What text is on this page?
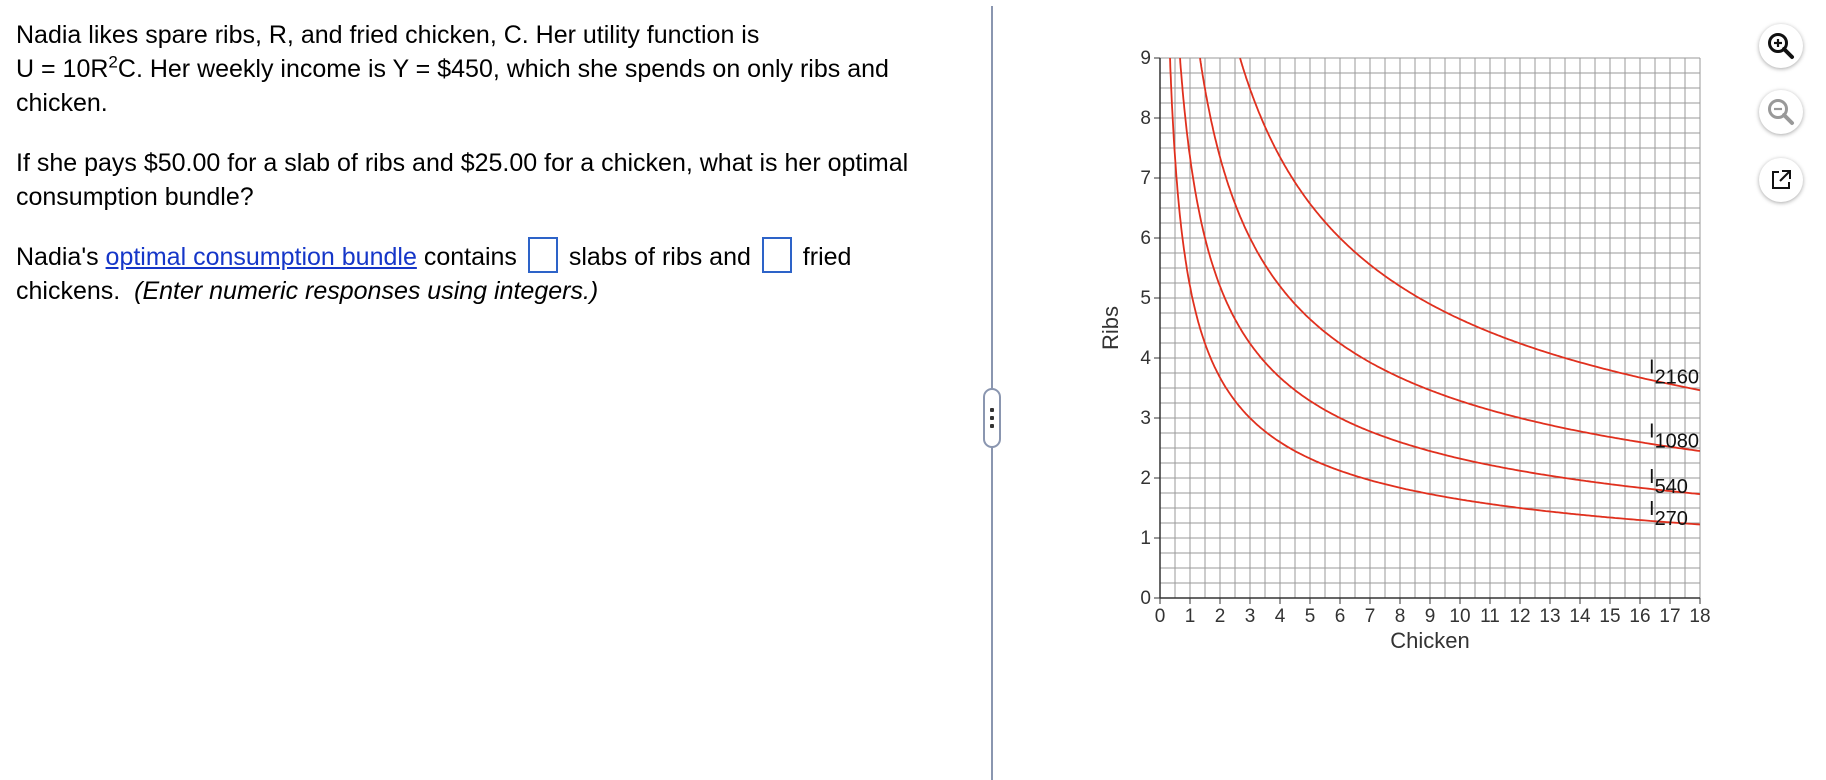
Nadia likes spare ribs, R, and fried chicken, C. Her utility function is
$U = 10R^2C$. Her weekly income is Y = $450, which she spends on only ribs and chicken.

If she pays $50.00 for a slab of ribs and $25.00 for a chicken, what is her optimal consumption bundle?

Nadia's optimal consumption bundle contains slabs of ribs and fried chickens. (Enter numeric responses using integers.)

0 1 2 3 4 5 6 7 8 9 10 11 12 13 14 15 16 17 18
0
1
2
3
4
5
6
7
8
9
Chicken
Ribs
I270
I540
I1080
I2160
